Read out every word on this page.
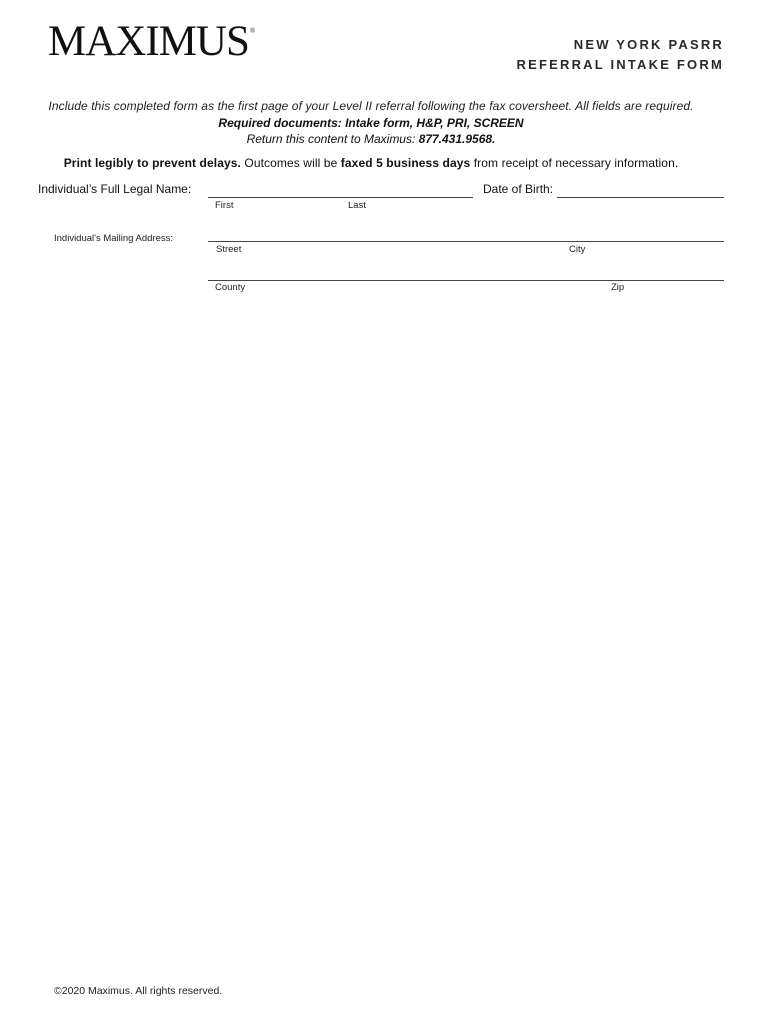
MAXIMUS®
NEW YORK PASRR
REFERRAL INTAKE FORM
Include this completed form as the first page of your Level II referral following the fax coversheet. All fields are required.
Required documents: Intake form, H&P, PRI, SCREEN
Return this content to Maximus: 877.431.9568.
Print legibly to prevent delays. Outcomes will be faxed 5 business days from receipt of necessary information.
Individual’s Full Legal Name:
First	Last
Date of Birth:
Individual's Mailing Address:
Street	City
County	Zip
©2020 Maximus. All rights reserved.
